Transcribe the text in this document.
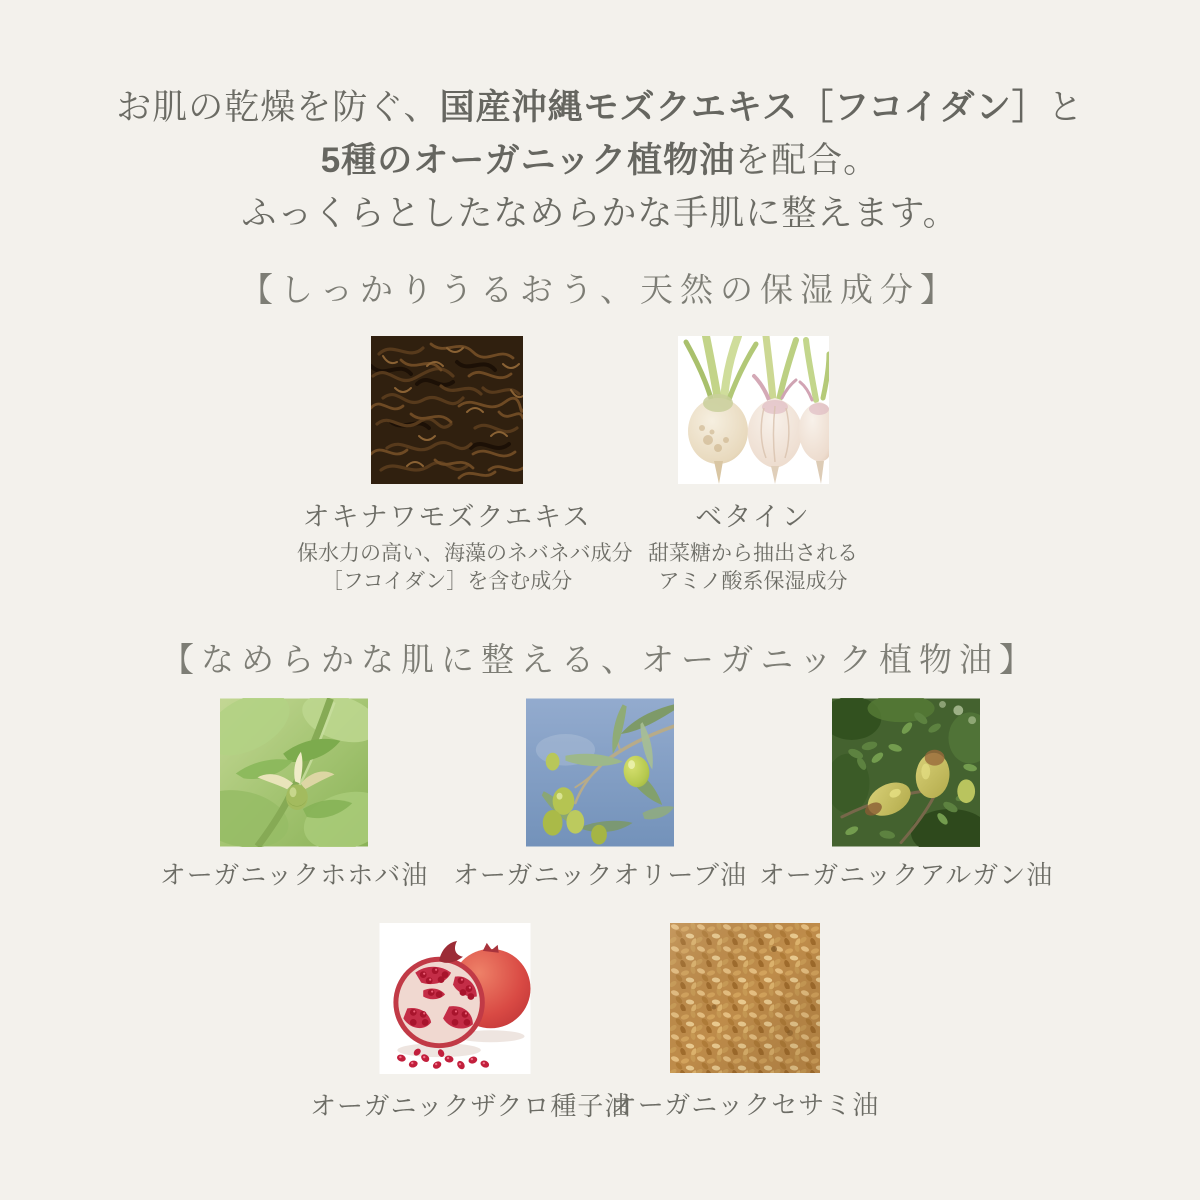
お肌の乾燥を防ぐ、国産沖縄モズクエキス［フコイダン］と

5種のオーガニック植物油を配合。

ふっくらとしたなめらかな手肌に整えます。

【しっかりうるおう、天然の保湿成分】
オキナワモズクエキス
保水力の高い、海藻のネバネバ成分
［フコイダン］を含む成分
ベタイン
甜菜糖から抽出される
アミノ酸系保湿成分
【なめらかな肌に整える、オーガニック植物油】
オーガニックホホバ油 オーガニックオリーブ油 オーガニックアルガン油
オーガニックザクロ種子油
オーガニックセサミ油
